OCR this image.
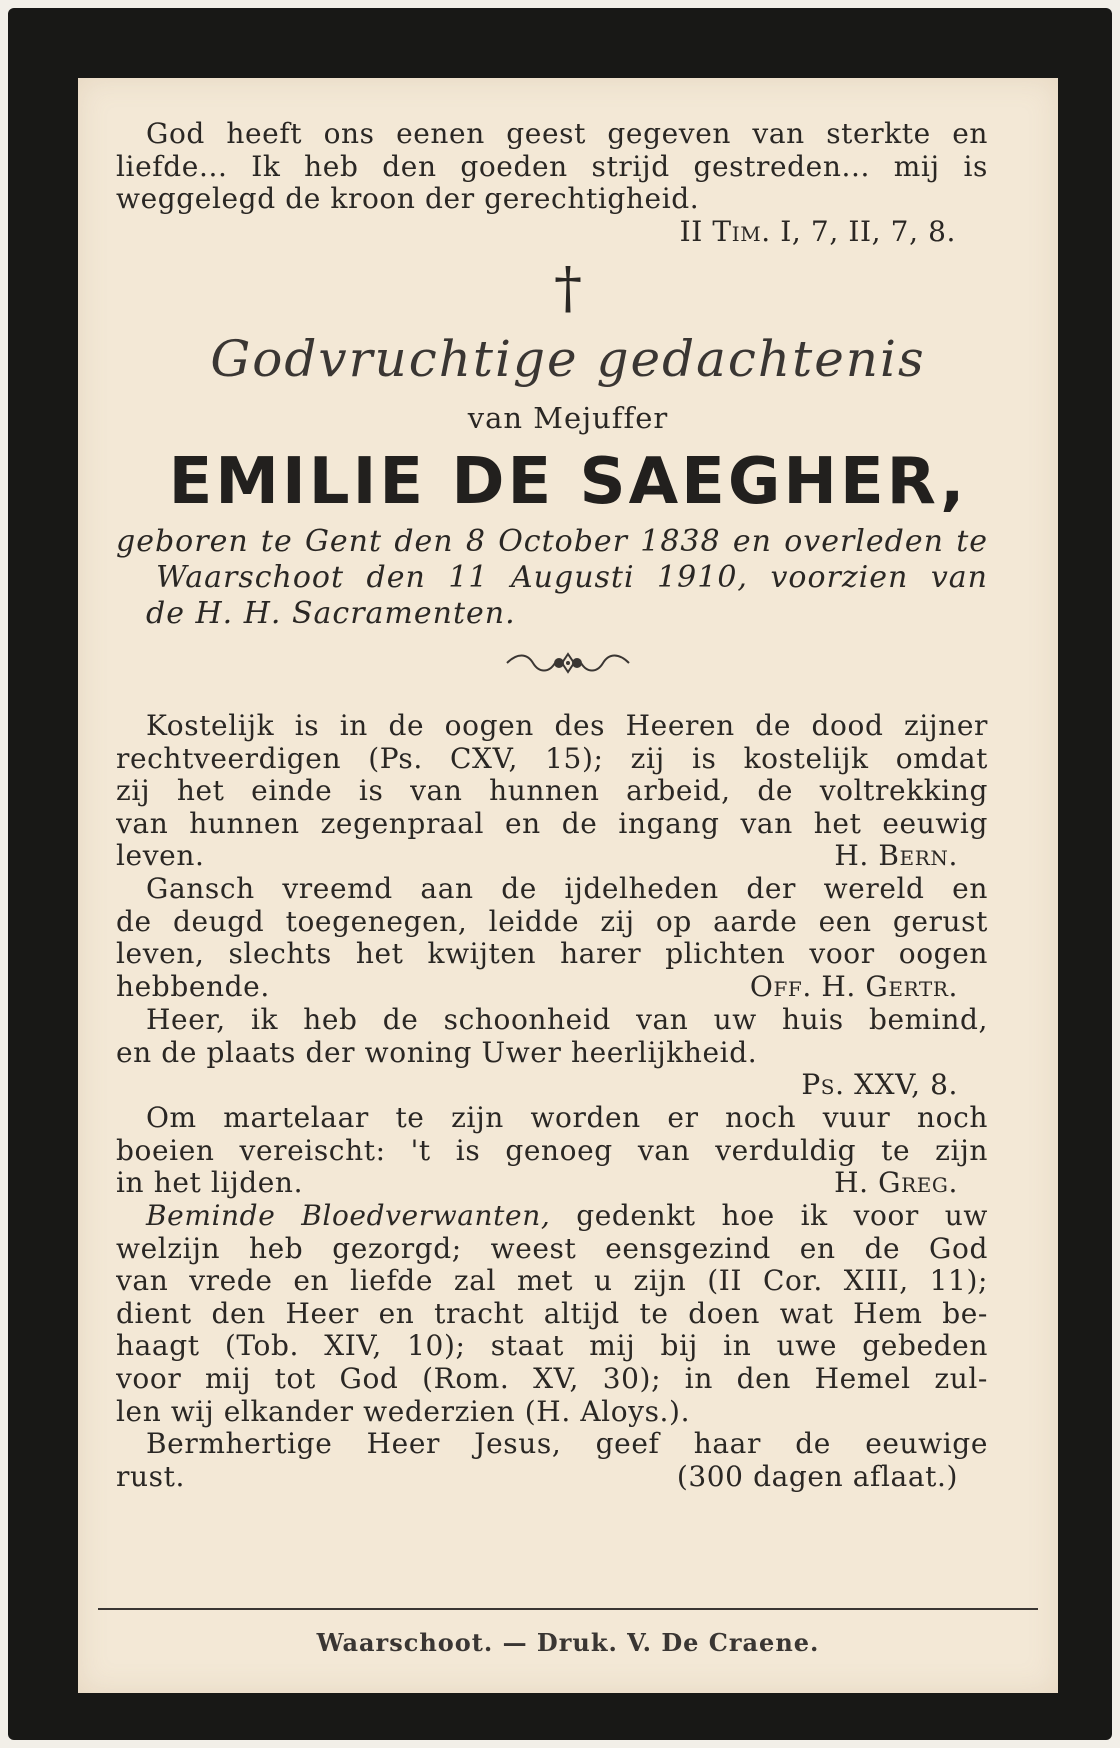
God heeft ons eenen geest gegeven van sterkte en
liefde... Ik heb den goeden strijd gestreden... mij is
weggelegd de kroon der gerechtigheid.
II Tim. I, 7, II, 7, 8.
†
Godvruchtige gedachtenis
van Mejuffer
EMILIE DE SAEGHER,
geboren te Gent den 8 October 1838 en overleden te
Waarschoot den 11 Augusti 1910, voorzien van
de H. H. Sacramenten.
Kostelijk is in de oogen des Heeren de dood zijner
rechtveerdigen (Ps. CXV, 15); zij is kostelijk omdat
zij het einde is van hunnen arbeid, de voltrekking
van hunnen zegenpraal en de ingang van het eeuwig
leven.	H. Bern.
Gansch vreemd aan de ijdelheden der wereld en
de deugd toegenegen, leidde zij op aarde een gerust
leven, slechts het kwijten harer plichten voor oogen
hebbende.	Off. H. Gertr.
Heer, ik heb de schoonheid van uw huis bemind,
en de plaats der woning Uwer heerlijkheid.
Ps. XXV, 8.
Om martelaar te zijn worden er noch vuur noch
boeien vereischt: 't is genoeg van verduldig te zijn
in het lijden.	H. Greg.
Beminde Bloedverwanten, gedenkt hoe ik voor uw
welzijn heb gezorgd; weest eensgezind en de God
van vrede en liefde zal met u zijn (II Cor. XIII, 11);
dient den Heer en tracht altijd te doen wat Hem be-
haagt (Tob. XIV, 10); staat mij bij in uwe gebeden
voor mij tot God (Rom. XV, 30); in den Hemel zul-
len wij elkander wederzien (H. Aloys.).
Bermhertige Heer Jesus, geef haar de eeuwige
rust.	(300 dagen aflaat.)
Waarschoot. — Druk. V. De Craene.
